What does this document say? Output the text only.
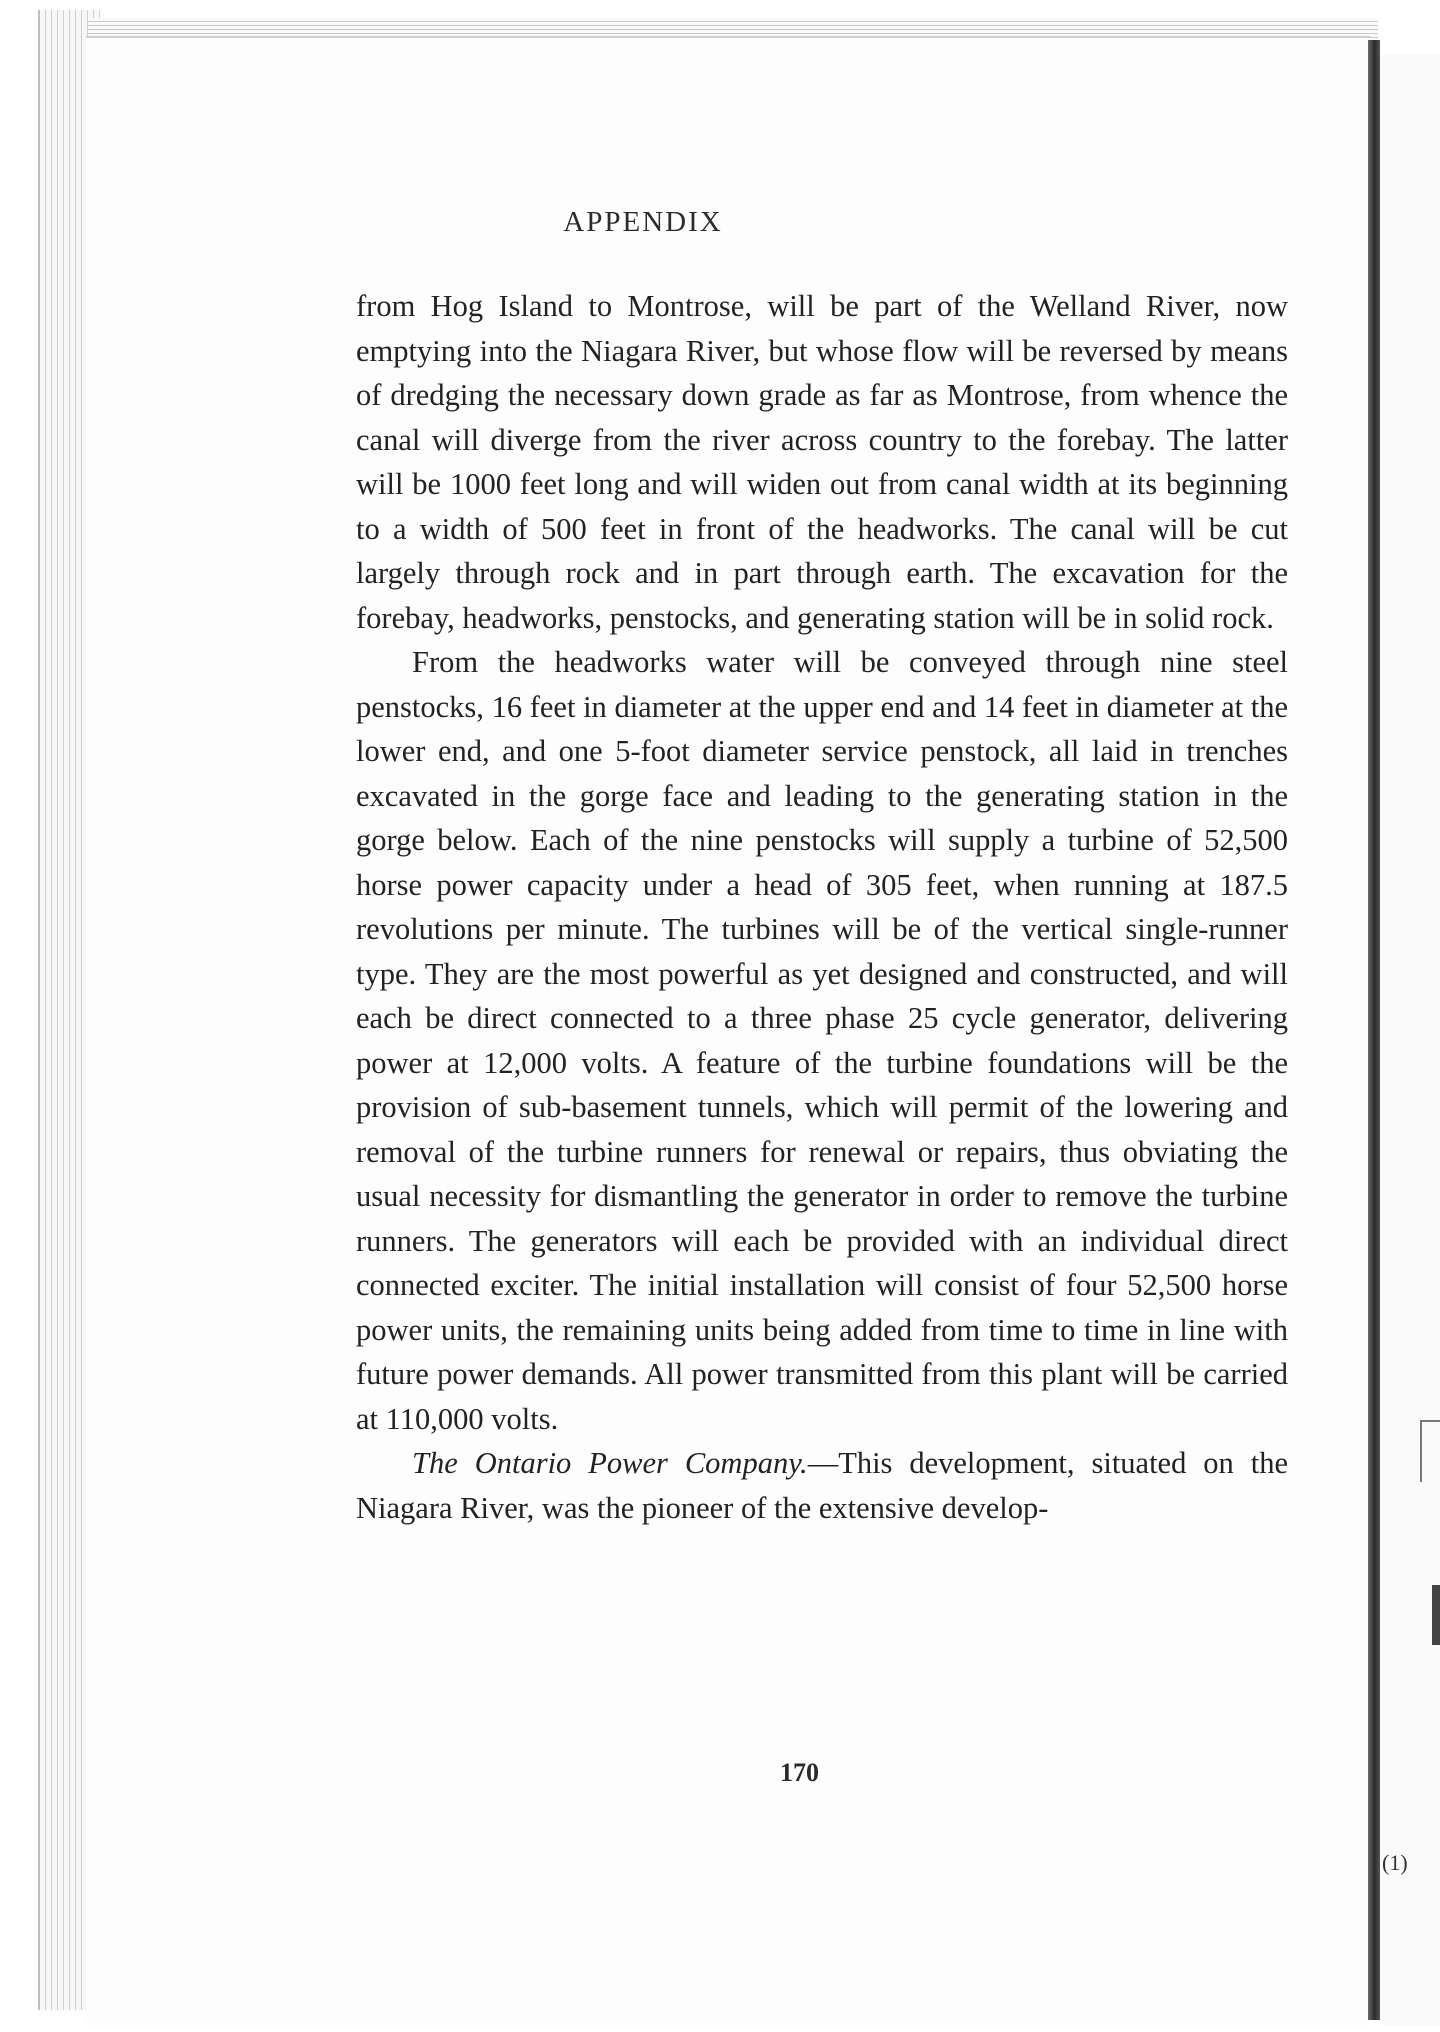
APPENDIX

from Hog Island to Montrose, will be part of the Welland River, now emptying into the Niagara River, but whose flow will be reversed by means of dredging the necessary down grade as far as Montrose, from whence the canal will diverge from the river across country to the forebay. The latter will be 1000 feet long and will widen out from canal width at its beginning to a width of 500 feet in front of the headworks. The canal will be cut largely through rock and in part through earth. The excavation for the forebay, headworks, penstocks, and generating station will be in solid rock.

From the headworks water will be conveyed through nine steel penstocks, 16 feet in diameter at the upper end and 14 feet in diameter at the lower end, and one 5-foot diameter service penstock, all laid in trenches excavated in the gorge face and leading to the generating station in the gorge below. Each of the nine penstocks will supply a turbine of 52,500 horse power capacity under a head of 305 feet, when running at 187.5 revolutions per minute. The turbines will be of the vertical single-runner type. They are the most powerful as yet designed and constructed, and will each be direct connected to a three phase 25 cycle generator, delivering power at 12,000 volts. A feature of the turbine foundations will be the provision of sub-basement tunnels, which will permit of the lowering and removal of the turbine runners for renewal or repairs, thus obviating the usual necessity for dismantling the generator in order to remove the turbine runners. The generators will each be provided with an individual direct connected exciter. The initial installation will consist of four 52,500 horse power units, the remaining units being added from time to time in line with future power demands. All power transmitted from this plant will be carried at 110,000 volts.

The Ontario Power Company.—This development, situated on the Niagara River, was the pioneer of the extensive develop-

170
(1)
